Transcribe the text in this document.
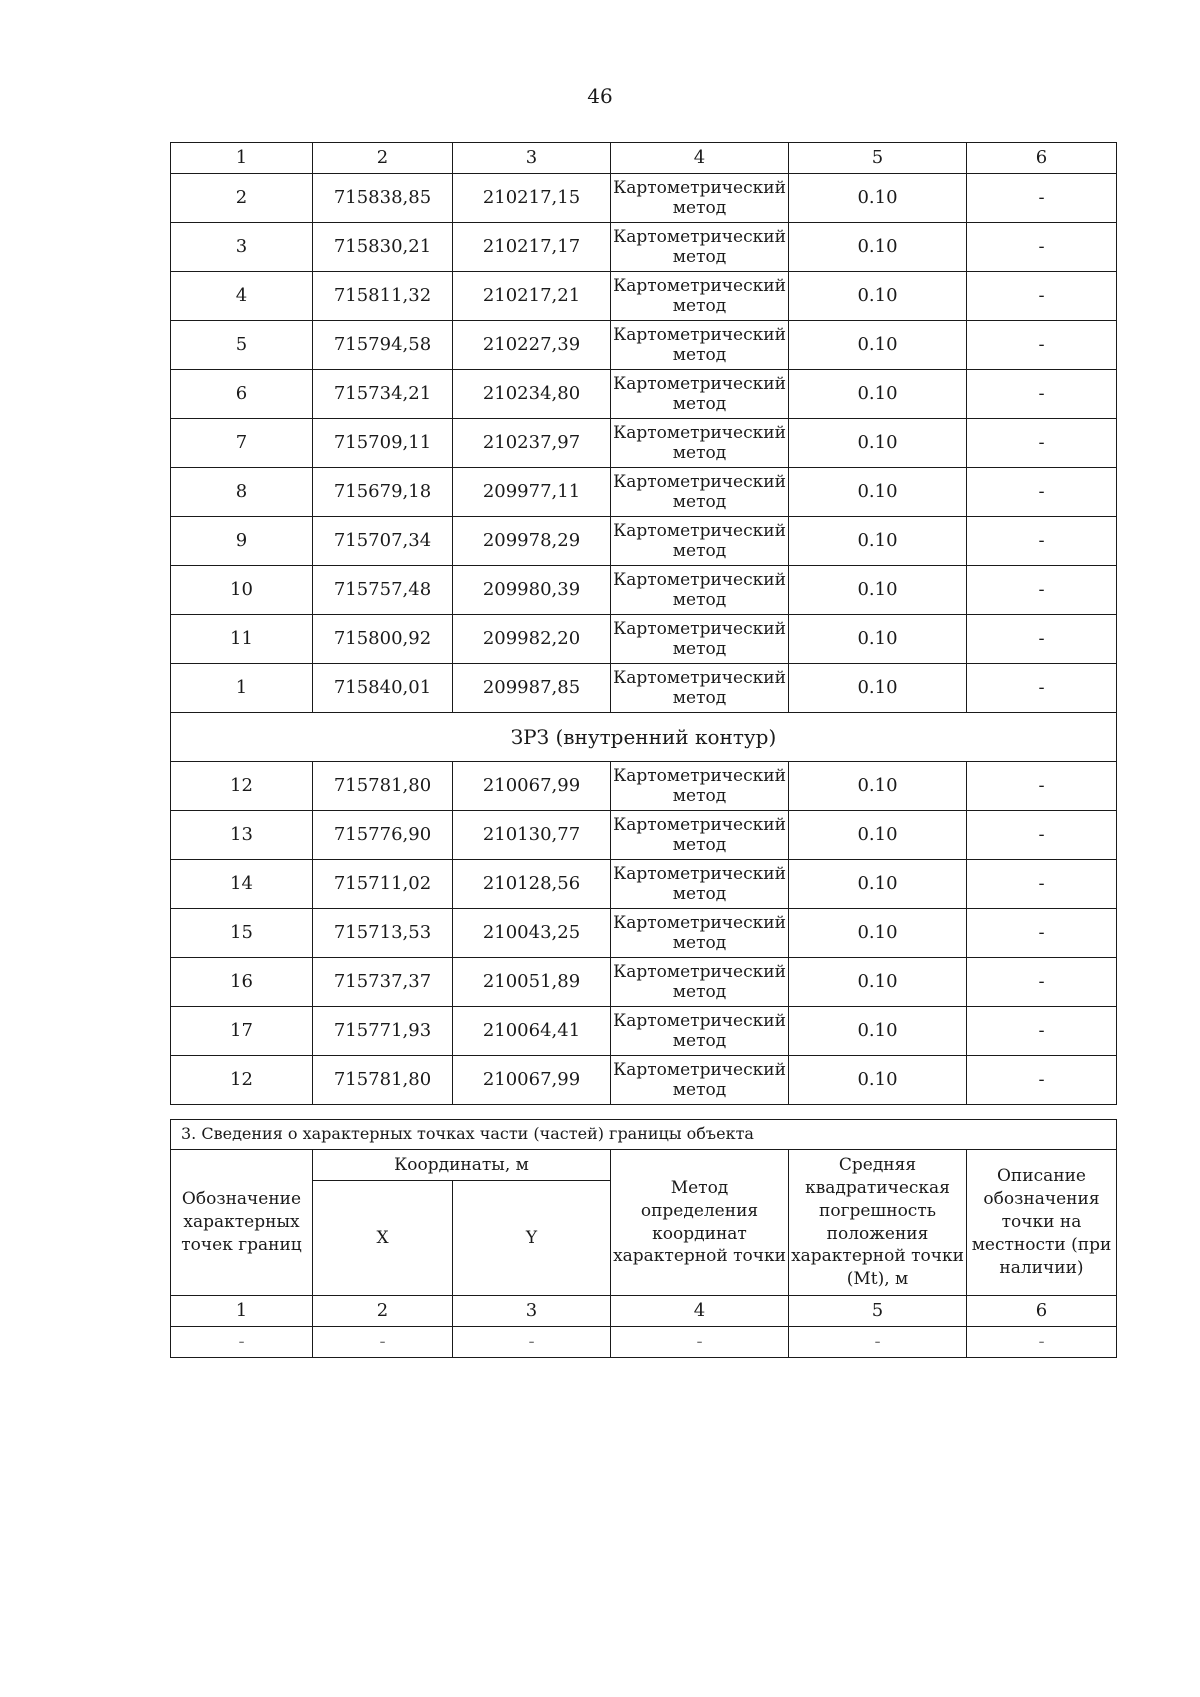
46
1	2	3	4	5	6
2	715838,85	210217,15	Картометрический метод	0.10	-
3	715830,21	210217,17	Картометрический метод	0.10	-
4	715811,32	210217,21	Картометрический метод	0.10	-
5	715794,58	210227,39	Картометрический метод	0.10	-
6	715734,21	210234,80	Картометрический метод	0.10	-
7	715709,11	210237,97	Картометрический метод	0.10	-
8	715679,18	209977,11	Картометрический метод	0.10	-
9	715707,34	209978,29	Картометрический метод	0.10	-
10	715757,48	209980,39	Картометрический метод	0.10	-
11	715800,92	209982,20	Картометрический метод	0.10	-
1	715840,01	209987,85	Картометрический метод	0.10	-
ЗРЗ (внутренний контур)					
12	715781,80	210067,99	Картометрический метод	0.10	-
13	715776,90	210130,77	Картометрический метод	0.10	-
14	715711,02	210128,56	Картометрический метод	0.10	-
15	715713,53	210043,25	Картометрический метод	0.10	-
16	715737,37	210051,89	Картометрический метод	0.10	-
17	715771,93	210064,41	Картометрический метод	0.10	-
12	715781,80	210067,99	Картометрический метод	0.10	-
3. Сведения о характерных точках части (частей) границы объекта					
Обозначение характерных точек границ	Координаты, м		Метод определения координат характерной точки	Средняя квадратическая погрешность положения характерной точки (Mt), м	Описание обозначения точки на местности (при наличии)
	X	Y			
1	2	3	4	5	6
-	-	-	-	-	-
